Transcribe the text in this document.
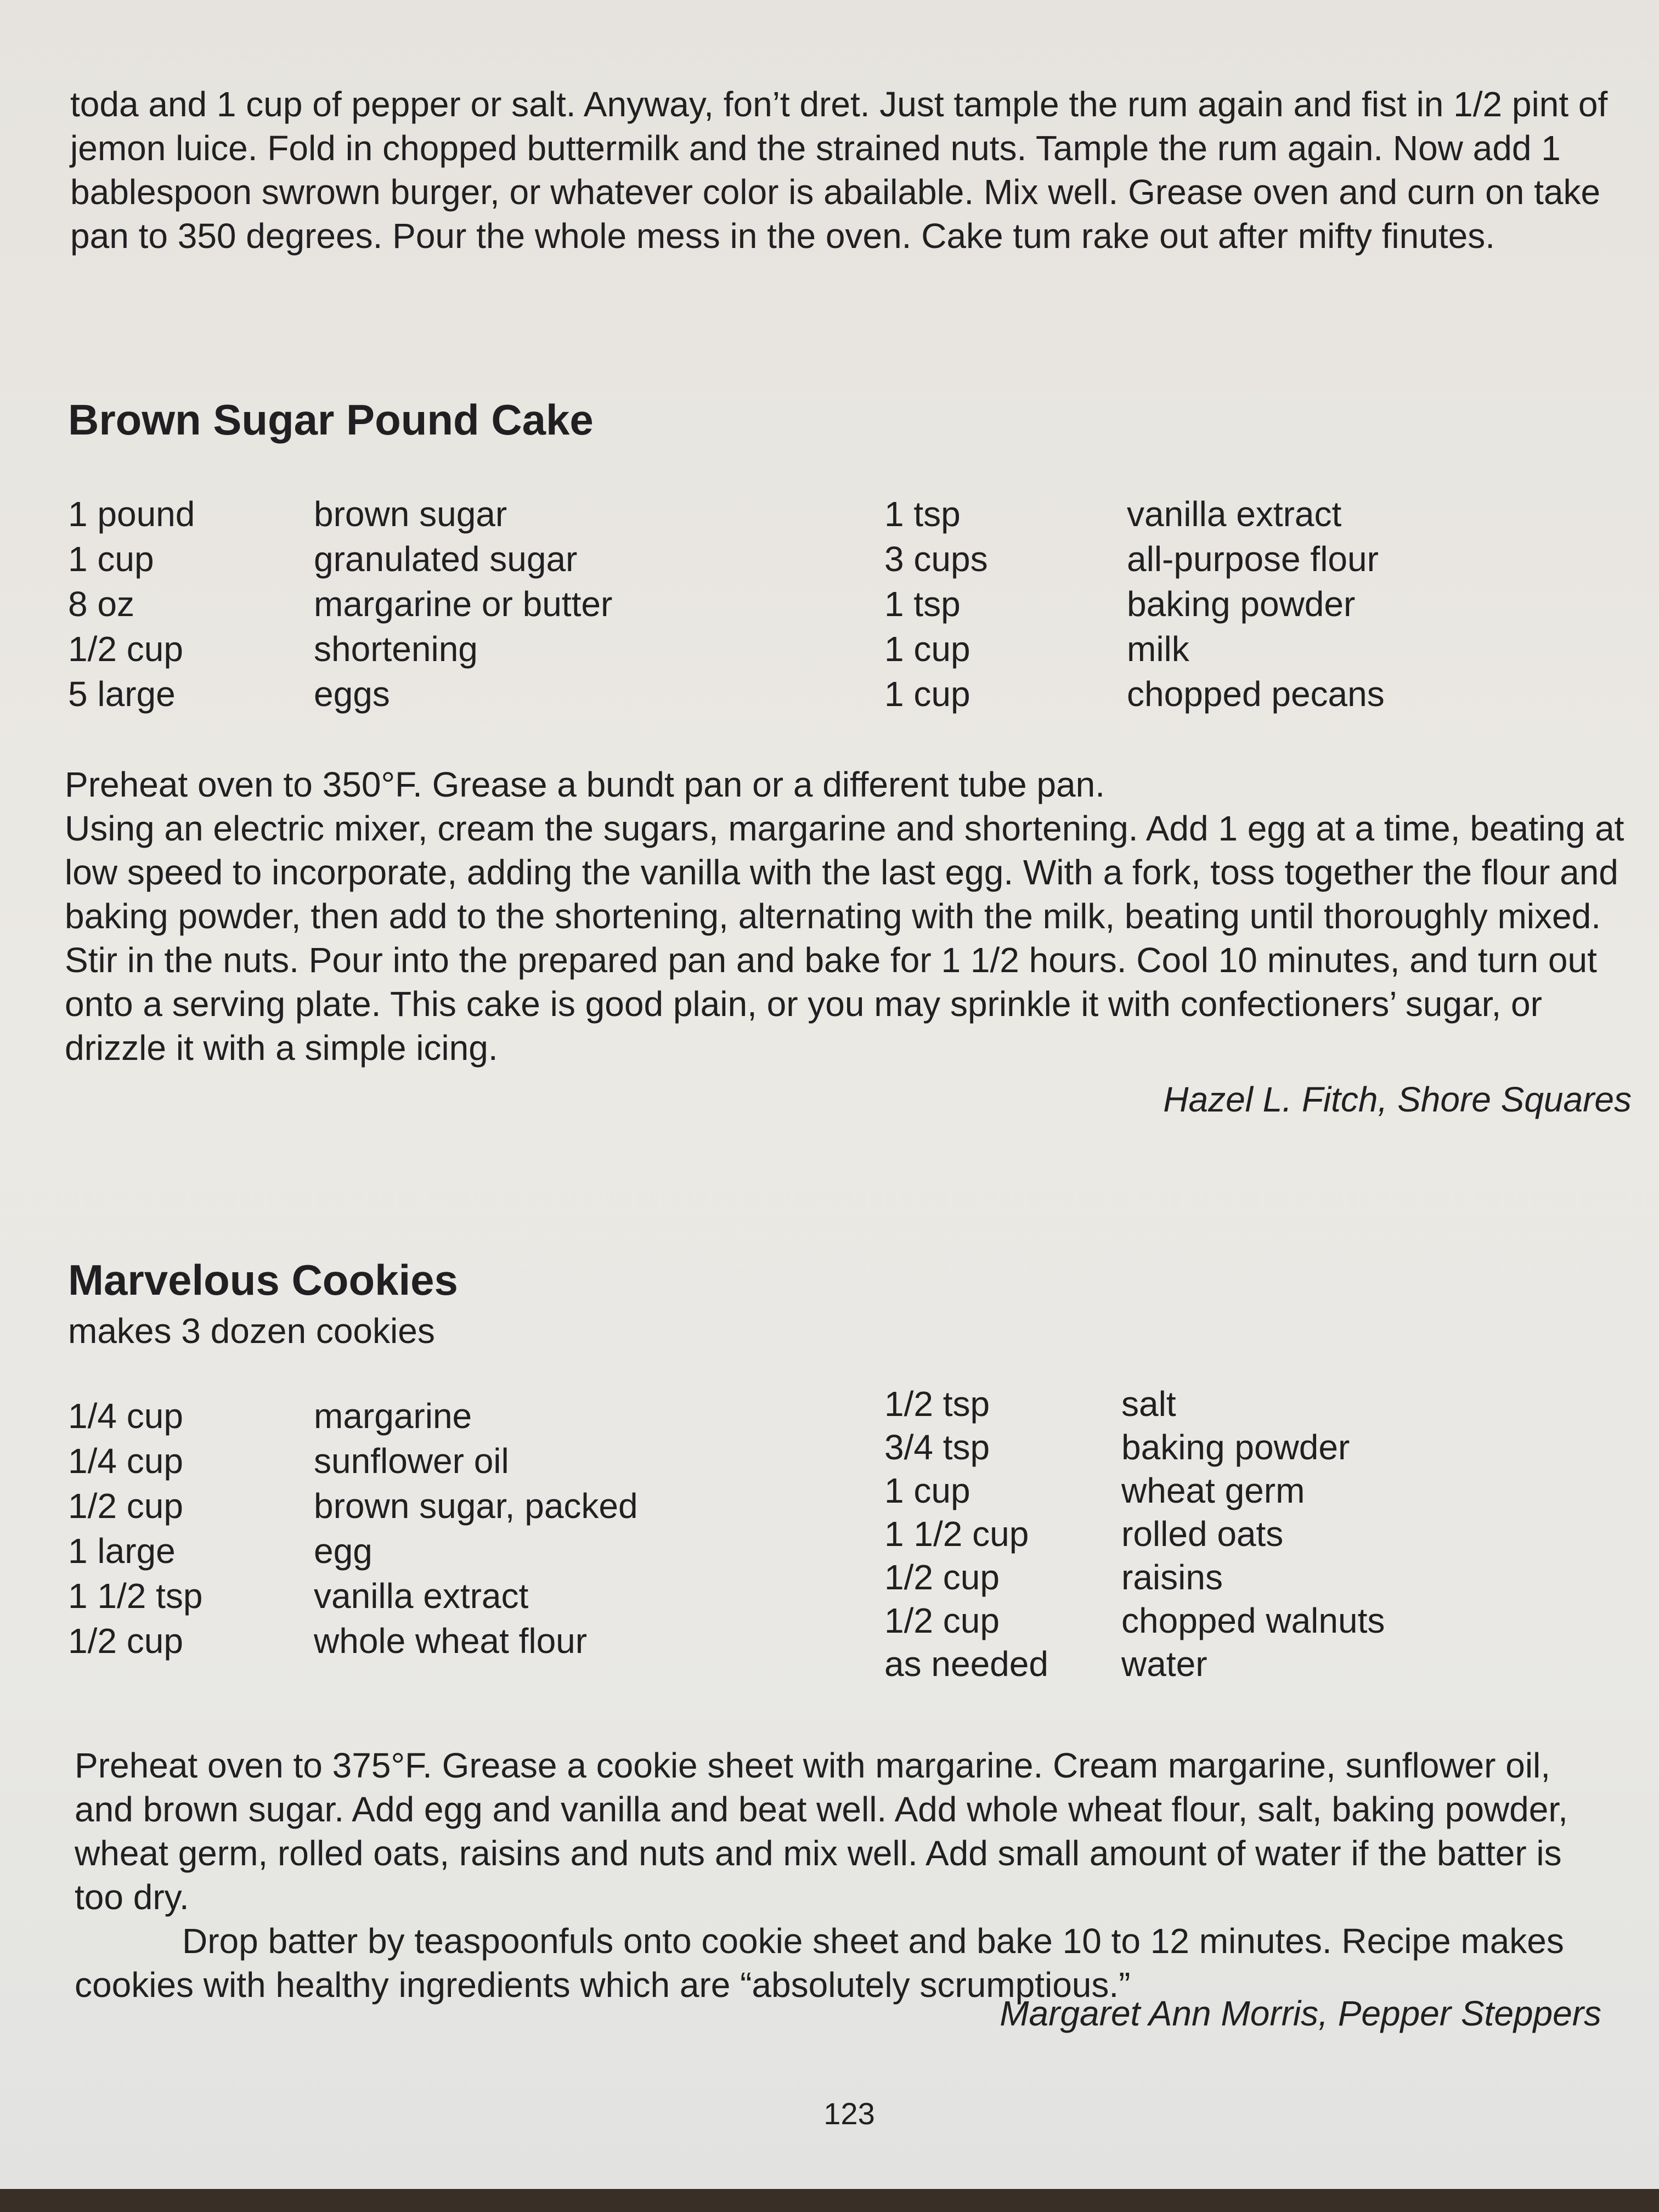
toda and 1 cup of pepper or salt. Anyway, fon’t dret. Just tample the rum again and fist in 1/2 pint of jemon luice. Fold in chopped buttermilk and the strained nuts. Tample the rum again. Now add 1 bablespoon swrown burger, or whatever color is abailable. Mix well. Grease oven and curn on take pan to 350 degrees. Pour the whole mess in the oven. Cake tum rake out after mifty finutes.

Brown Sugar Pound Cake
1 pound
1 cup
8 oz
1/2 cup
5 large
brown sugar
granulated sugar
margarine or butter
shortening
eggs
1 tsp
3 cups
1 tsp
1 cup
1 cup
vanilla extract
all-purpose flour
baking powder
milk
chopped pecans

Preheat oven to 350°F. Grease a bundt pan or a different tube pan.

Using an electric mixer, cream the sugars, margarine and shortening. Add 1 egg at a time, beating at low speed to incorporate, adding the vanilla with the last egg. With a fork, toss together the flour and baking powder, then add to the shortening, alternating with the milk, beating until thoroughly mixed. Stir in the nuts. Pour into the prepared pan and bake for 1 1/2 hours. Cool 10 minutes, and turn out onto a serving plate. This cake is good plain, or you may sprinkle it with confectioners’ sugar, or drizzle it with a simple icing.

Hazel L. Fitch, Shore Squares
Marvelous Cookies
makes 3 dozen cookies
1/4 cup
1/4 cup
1/2 cup
1 large
1 1/2 tsp
1/2 cup
margarine
sunflower oil
brown sugar, packed
egg
vanilla extract
whole wheat flour
1/2 tsp
3/4 tsp
1 cup
1 1/2 cup
1/2 cup
1/2 cup
as needed
salt
baking powder
wheat germ
rolled oats
raisins
chopped walnuts
water

Preheat oven to 375°F. Grease a cookie sheet with margarine. Cream margarine, sunflower oil, and brown sugar. Add egg and vanilla and beat well. Add whole wheat flour, salt, baking powder, wheat germ, rolled oats, raisins and nuts and mix well. Add small amount of water if the batter is too dry.

Drop batter by teaspoonfuls onto cookie sheet and bake 10 to 12 minutes. Recipe makes cookies with healthy ingredients which are “absolutely scrumptious.”

Margaret Ann Morris, Pepper Steppers
123
